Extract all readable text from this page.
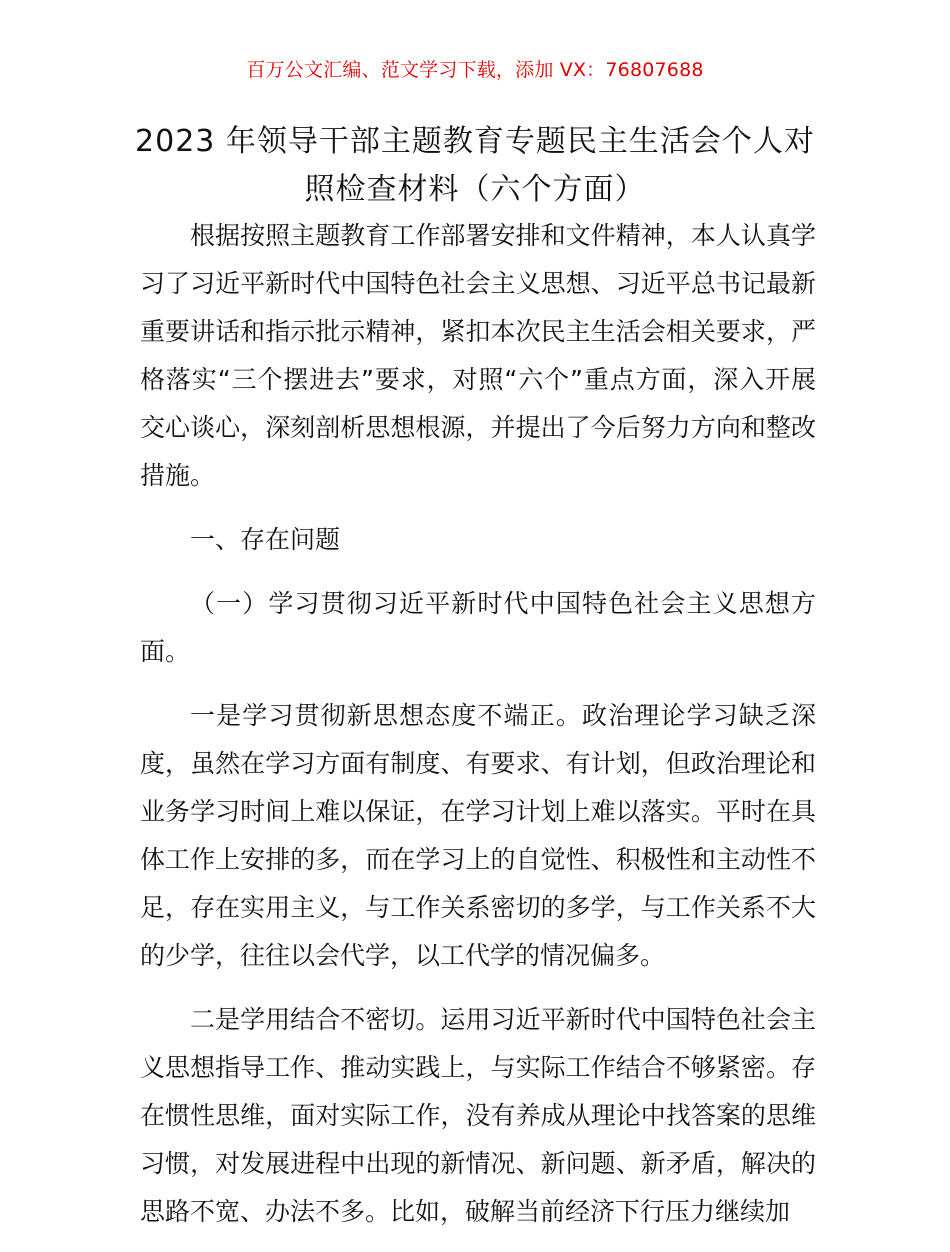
百万公文汇编、范文学习下载，添加 VX：76807688
2023 年领导干部主题教育专题民主生活会个人对照检查材料（六个方面）

根据按照主题教育工作部署安排和文件精神，本人认真学习了习近平新时代中国特色社会主义思想、习近平总书记最新重要讲话和指示批示精神，紧扣本次民主生活会相关要求，严格落实“三个摆进去”要求，对照“六个”重点方面，深入开展交心谈心，深刻剖析思想根源，并提出了今后努力方向和整改措施。

一、存在问题

（一）学习贯彻习近平新时代中国特色社会主义思想方面。

一是学习贯彻新思想态度不端正。政治理论学习缺乏深度，虽然在学习方面有制度、有要求、有计划，但政治理论和业务学习时间上难以保证，在学习计划上难以落实。平时在具体工作上安排的多，而在学习上的自觉性、积极性和主动性不足，存在实用主义，与工作关系密切的多学，与工作关系不大的少学，往往以会代学，以工代学的情况偏多。

二是学用结合不密切。运用习近平新时代中国特色社会主义思想指导工作、推动实践上，与实际工作结合不够紧密。存在惯性思维，面对实际工作，没有养成从理论中找答案的思维习惯，对发展进程中出现的新情况、新问题、新矛盾，解决的思路不宽、办法不多。比如，破解当前经济下行压力继续加
